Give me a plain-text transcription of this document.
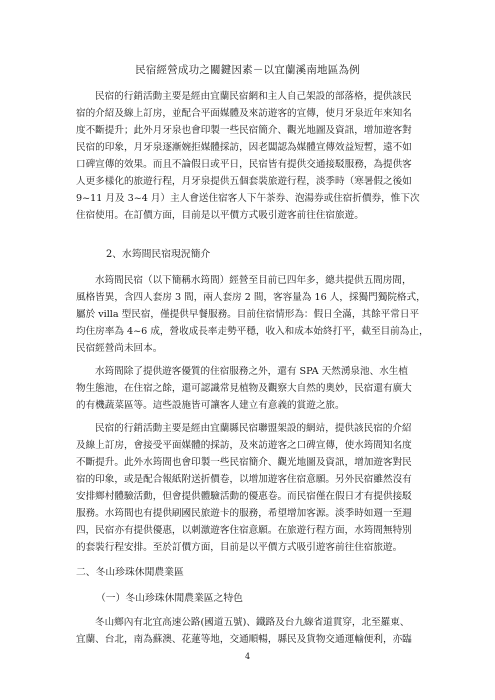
民宿經營成功之關鍵因素－以宜蘭溪南地區為例

民宿的行銷活動主要是經由宜蘭民宿網和主人自己架設的部落格，提供該民
宿的介紹及線上訂房，並配合平面媒體及來訪遊客的宣傳，使月牙泉近年來知名
度不斷提升；此外月牙泉也會印製一些民宿簡介、觀光地圖及資訊，增加遊客對
民宿的印象，月牙泉逐漸婉拒媒體採訪，因老闆認為媒體宣傳效益短暫，遠不如
口碑宣傳的效果。而且不論假日或平日，民宿皆有提供交通接駁服務，為提供客
人更多樣化的旅遊行程，月牙泉提供五個套裝旅遊行程，淡季時（寒暑假之後如
9~11 月及 3~4 月）主人會送住宿客人下午茶券、泡湯券或住宿折價券，惟下次
住宿使用。在訂價方面，目前是以平價方式吸引遊客前往住宿旅遊。

2、水筠間民宿現況簡介

水筠間民宿（以下簡稱水筠間）經營至目前已四年多，總共提供五間房間，
風格皆異，含四人套房 3 間，兩人套房 2 間，客容量為 16 人，採獨門獨院格式，
屬於 villa 型民宿，僅提供早餐服務。目前住宿情形為：假日全滿，其餘平常日平
均住房率為 4~6 成，營收成長率走勢平穩，收入和成本始終打平，截至目前為止，
民宿經營尚未回本。

水筠間除了提供遊客優質的住宿服務之外，還有 SPA 天然湧泉池、水生植
物生態池，在住宿之餘，還可認識常見植物及觀察大自然的奧妙，民宿還有廣大
的有機蔬菜區等。這些設施皆可讓客人建立有意義的賞遊之旅。

民宿的行銷活動主要是經由宜蘭縣民宿聯盟架設的網站，提供該民宿的介紹
及線上訂房，會接受平面媒體的採訪，及來訪遊客之口碑宣傳，使水筠間知名度
不斷提升。此外水筠間也會印製一些民宿簡介、觀光地圖及資訊，增加遊客對民
宿的印象，或是配合報紙附送折價卷，以增加遊客住宿意願。另外民宿雖然沒有
安排鄉村體驗活動，但會提供體驗活動的優惠卷。而民宿僅在假日才有提供接駁
服務。水筠間也有提供刷國民旅遊卡的服務，希望增加客源。淡季時如週一至週
四，民宿亦有提供優惠，以刺激遊客住宿意願。在旅遊行程方面，水筠間無特別
的套裝行程安排。至於訂價方面，目前是以平價方式吸引遊客前往住宿旅遊。

二、冬山珍珠休閒農業區

（一）冬山珍珠休閒農業區之特色

冬山鄉內有北宜高速公路(國道五號)、鐵路及台九線省道貫穿，北至羅東、
宜蘭、台北，南為蘇澳、花蓮等地，交通順暢，縣民及貨物交通運輸便利，亦臨

4
